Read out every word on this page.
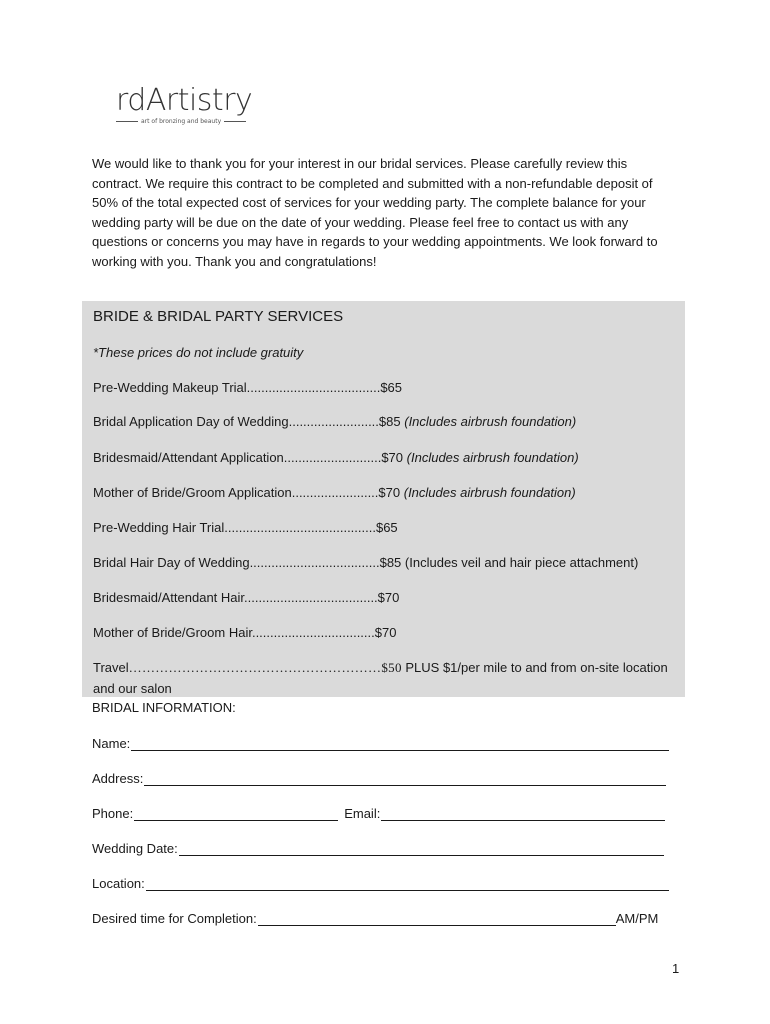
rdArtistry
art of bronzing and beauty

We would like to thank you for your interest in our bridal services. Please carefully review this contract. We require this contract to be completed and submitted with a non-refundable deposit of 50% of the total expected cost of services for your wedding party. The complete balance for your wedding party will be due on the date of your wedding. Please feel free to contact us with any questions or concerns you may have in regards to your wedding appointments. We look forward to working with you. Thank you and congratulations!

BRIDE & BRIDAL PARTY SERVICES
*These prices do not include gratuity
Pre-Wedding Makeup Trial.....................................$65
Bridal Application Day of Wedding.........................$85 (Includes airbrush foundation)
Bridesmaid/Attendant Application...........................$70 (Includes airbrush foundation)
Mother of Bride/Groom Application........................$70 (Includes airbrush foundation)
Pre-Wedding Hair Trial..........................................$65
Bridal Hair Day of Wedding....................................$85 (Includes veil and hair piece attachment)
Bridesmaid/Attendant Hair.....................................$70
Mother of Bride/Groom Hair..................................$70
Travel…………………………………………………$50 PLUS $1/per mile to and from on-site location and our salon
BRIDAL INFORMATION:
Name:
Address:
Phone:	Email:
Wedding Date:
Location:
Desired time for Completion:	AM/PM
1
